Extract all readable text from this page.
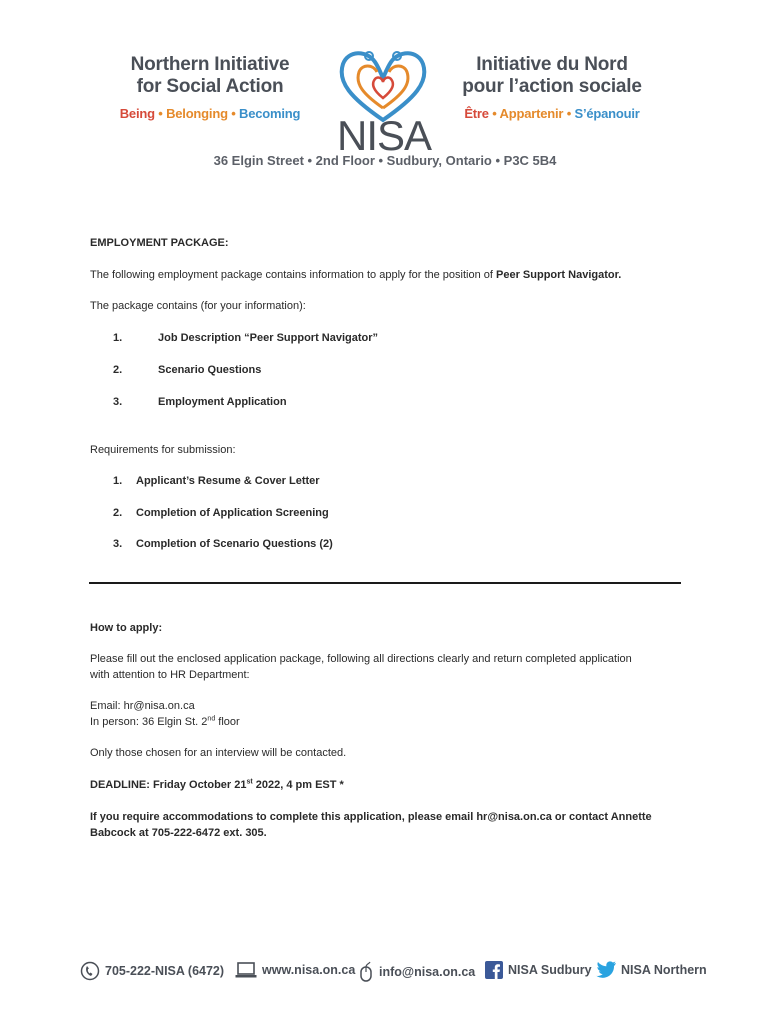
Northern Initiative
for Social Action
Being • Belonging • Becoming NISA
Initiative du Nord
pour l’action sociale
Être • Appartenir • S’épanouir
36 Elgin Street • 2nd Floor • Sudbury, Ontario • P3C 5B4
EMPLOYMENT PACKAGE:
The following employment package contains information to apply for the position of Peer Support Navigator.
The package contains (for your information):
1.	Job Description “Peer Support Navigator”
2.	Scenario Questions
3.	Employment Application
Requirements for submission:
1. Applicant’s Resume & Cover Letter
2. Completion of Application Screening
3. Completion of Scenario Questions (2)
How to apply:
Please fill out the enclosed application package, following all directions clearly and return completed application
with attention to HR Department:
Email: hr@nisa.on.ca
In person: 36 Elgin St. 2nd floor
Only those chosen for an interview will be contacted.
DEADLINE: Friday October 21st 2022, 4 pm EST *
If you require accommodations to complete this application, please email hr@nisa.on.ca or contact Annette
Babcock at 705-222-6472 ext. 305.
705-222-NISA (6472)	www.nisa.on.ca info@nisa.on.ca	NISA Sudbury NISA Northern
